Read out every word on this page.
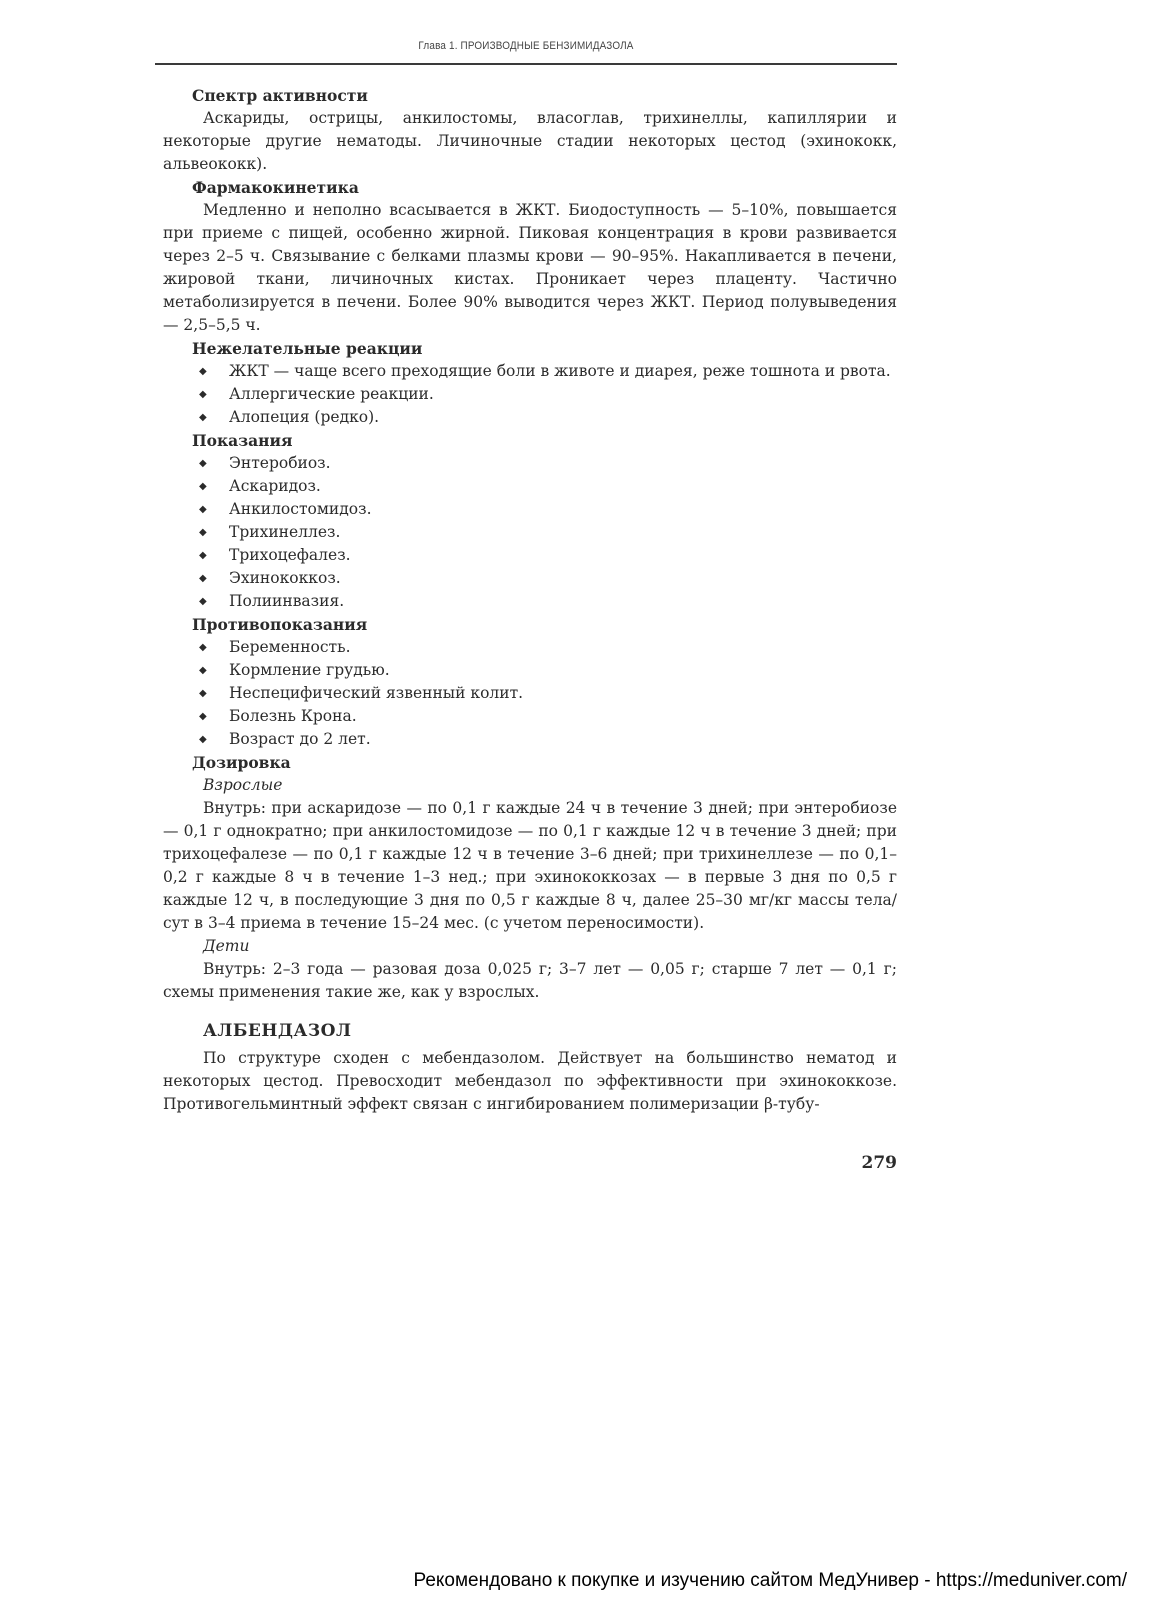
Глава 1. ПРОИЗВОДНЫЕ БЕНЗИМИДАЗОЛА

Спектр активности

Аскариды, острицы, анкилостомы, власоглав, трихинеллы, капиллярии и некоторые другие нематоды. Личиночные стадии некоторых цестод (эхинококк, альвеококк).

Фармакокинетика

Медленно и неполно всасывается в ЖКТ. Биодоступность — 5–10%, повышается при приеме с пищей, особенно жирной. Пиковая концентрация в крови развивается через 2–5 ч. Связывание с белками плазмы крови — 90–95%. Накапливается в печени, жировой ткани, личиночных кистах. Проникает через плаценту. Частично метаболизируется в печени. Более 90% выводится через ЖКТ. Период полувыведения — 2,5–5,5 ч.

Нежелательные реакции

◆ ЖКТ — чаще всего преходящие боли в животе и диарея, реже тошнота и рвота.
◆ Аллергические реакции.
◆ Алопеция (редко).

Показания

◆ Энтеробиоз.
◆ Аскаридоз.
◆ Анкилостомидоз.
◆ Трихинеллез.
◆ Трихоцефалез.
◆ Эхинококкоз.
◆ Полиинвазия.

Противопоказания

◆ Беременность.
◆ Кормление грудью.
◆ Неспецифический язвенный колит.
◆ Болезнь Крона.
◆ Возраст до 2 лет.

Дозировка

Взрослые

Внутрь: при аскаридозе — по 0,1 г каждые 24 ч в течение 3 дней; при энтеробиозе — 0,1 г однократно; при анкилостомидозе — по 0,1 г каждые 12 ч в течение 3 дней; при трихоцефалезе — по 0,1 г каждые 12 ч в течение 3–6 дней; при трихинеллезе — по 0,1–0,2 г каждые 8 ч в течение 1–3 нед.; при эхинококкозах — в первые 3 дня по 0,5 г каждые 12 ч, в последующие 3 дня по 0,5 г каждые 8 ч, далее 25–30 мг/кг массы тела/сут в 3–4 приема в течение 15–24 мес. (с учетом переносимости).

Дети

Внутрь: 2–3 года — разовая доза 0,025 г; 3–7 лет — 0,05 г; старше 7 лет — 0,1 г; схемы применения такие же, как у взрослых.

АЛБЕНДАЗОЛ

По структуре сходен с мебендазолом. Действует на большинство нематод и некоторых цестод. Превосходит мебендазол по эффективности при эхинококкозе. Противогельминтный эффект связан с ингибированием полимеризации β-тубу-

279
Рекомендовано к покупке и изучению сайтом МедУнивер - https://meduniver.com/
